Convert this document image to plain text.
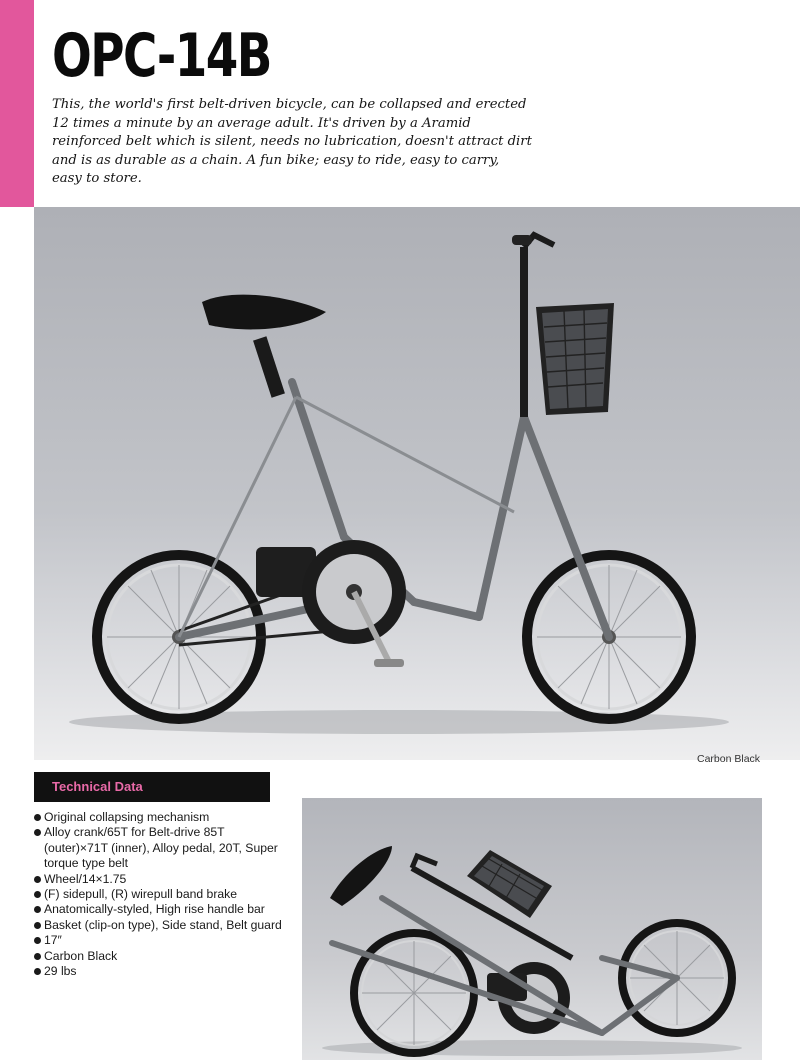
OPC-14B

This, the world's first belt-driven bicycle, can be collapsed and erected 12 times a minute by an average adult. It's driven by a Aramid reinforced belt which is silent, needs no lubrication, doesn't attract dirt and is as durable as a chain. A fun bike; easy to ride, easy to carry, easy to store.

Carbon Black

Technical Data
Original collapsing mechanism
Alloy crank/65T for Belt-drive 85T (outer)×71T (inner), Alloy pedal, 20T, Super torque type belt
Wheel/14×1.75
(F) sidepull, (R) wirepull band brake
Anatomically-styled, High rise handle bar
Basket (clip-on type), Side stand, Belt guard
17″
Carbon Black
29 lbs
